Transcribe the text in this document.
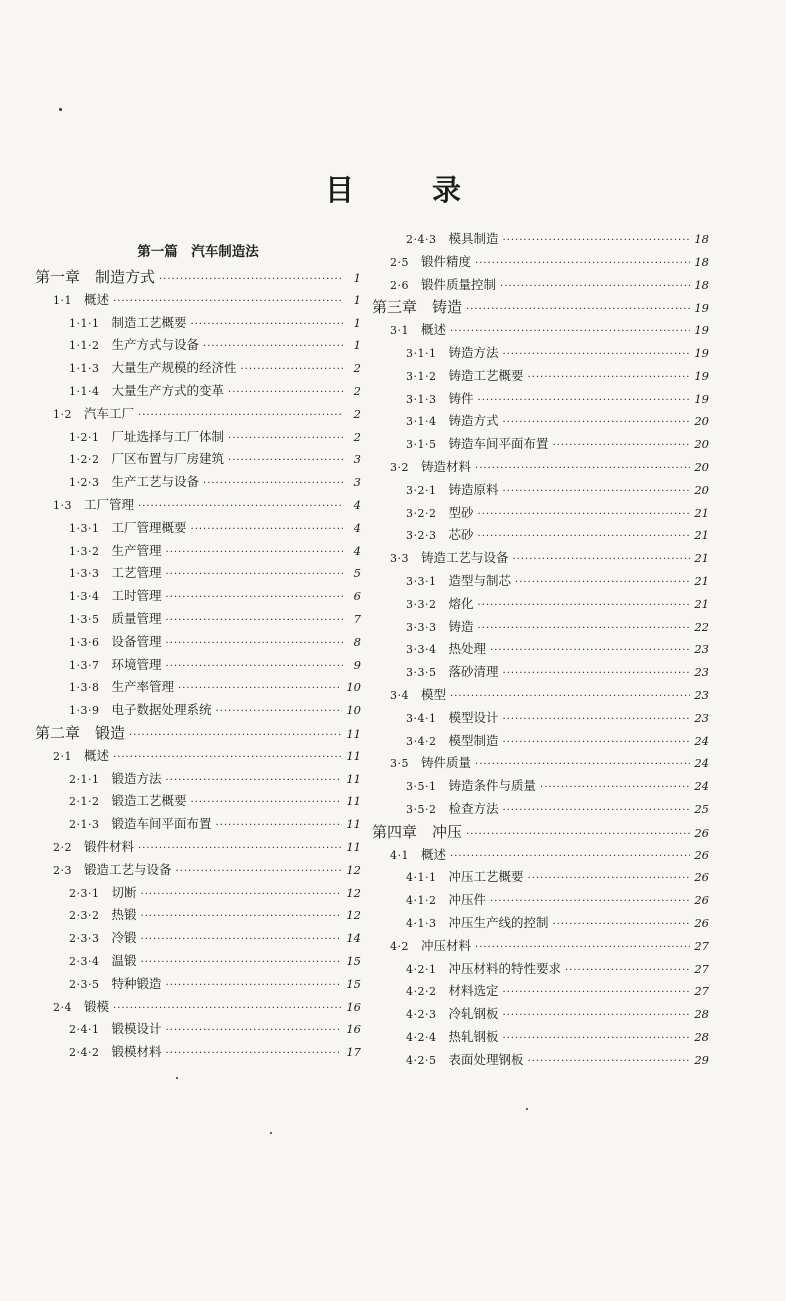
目 录
第一篇　汽车制造法
第一章　制造方式 ·····	1
1·1 概述 ·····	1
1·1·1 制造工艺概要 ·····	1
1·1·2 生产方式与设备 ·····	1
1·1·3 大量生产规模的经济性 ·····	2
1·1·4 大量生产方式的变革 ·····	2
1·2 汽车工厂 ·····	2
1·2·1 厂址选择与工厂体制 ·····	2
1·2·2 厂区布置与厂房建筑 ·····	3
1·2·3 生产工艺与设备 ·····	3
1·3 工厂管理 ·····	4
1·3·1 工厂管理概要 ·····	4
1·3·2 生产管理 ·····	4
1·3·3 工艺管理 ·····	5
1·3·4 工时管理 ·····	6
1·3·5 质量管理 ·····	7
1·3·6 设备管理 ·····	8
1·3·7 环境管理 ·····	9
1·3·8 生产率管理 ·····	10
1·3·9 电子数据处理系统 ·····	10
第二章　锻造 ·····	11
2·1 概述 ·····	11
2·1·1 锻造方法 ·····	11
2·1·2 锻造工艺概要 ·····	11
2·1·3 锻造车间平面布置 ·····	11
2·2 锻件材料 ·····	11
2·3 锻造工艺与设备 ·····	12
2·3·1 切断 ·····	12
2·3·2 热锻 ·····	12
2·3·3 冷锻 ·····	14
2·3·4 温锻 ·····	15
2·3·5 特种锻造 ·····	15
2·4 锻模 ·····	16
2·4·1 锻模设计 ·····	16
2·4·2 锻模材料 ·····	17
2·4·3 模具制造 ·····	18
2·5 锻件精度 ·····	18
2·6 锻件质量控制 ·····	18
第三章　铸造 ·····	19
3·1 概述 ·····	19
3·1·1 铸造方法 ·····	19
3·1·2 铸造工艺概要 ·····	19
3·1·3 铸件 ·····	19
3·1·4 铸造方式 ·····	20
3·1·5 铸造车间平面布置 ·····	20
3·2 铸造材料 ·····	20
3·2·1 铸造原料 ·····	20
3·2·2 型砂 ·····	21
3·2·3 芯砂 ·····	21
3·3 铸造工艺与设备 ·····	21
3·3·1 造型与制芯 ·····	21
3·3·2 熔化 ·····	21
3·3·3 铸造 ·····	22
3·3·4 热处理 ·····	23
3·3·5 落砂清理 ·····	23
3·4 模型 ·····	23
3·4·1 模型设计 ·····	23
3·4·2 模型制造 ·····	24
3·5 铸件质量 ·····	24
3·5·1 铸造条件与质量 ·····	24
3·5·2 检查方法 ·····	25
第四章　冲压 ·····	26
4·1 概述 ·····	26
4·1·1 冲压工艺概要 ·····	26
4·1·2 冲压件 ·····	26
4·1·3 冲压生产线的控制 ·····	26
4·2 冲压材料 ·····	27
4·2·1 冲压材料的特性要求 ·····	27
4·2·2 材料选定 ·····	27
4·2·3 冷轧钢板 ·····	28
4·2·4 热轧钢板 ·····	28
4·2·5 表面处理钢板 ·····	29
